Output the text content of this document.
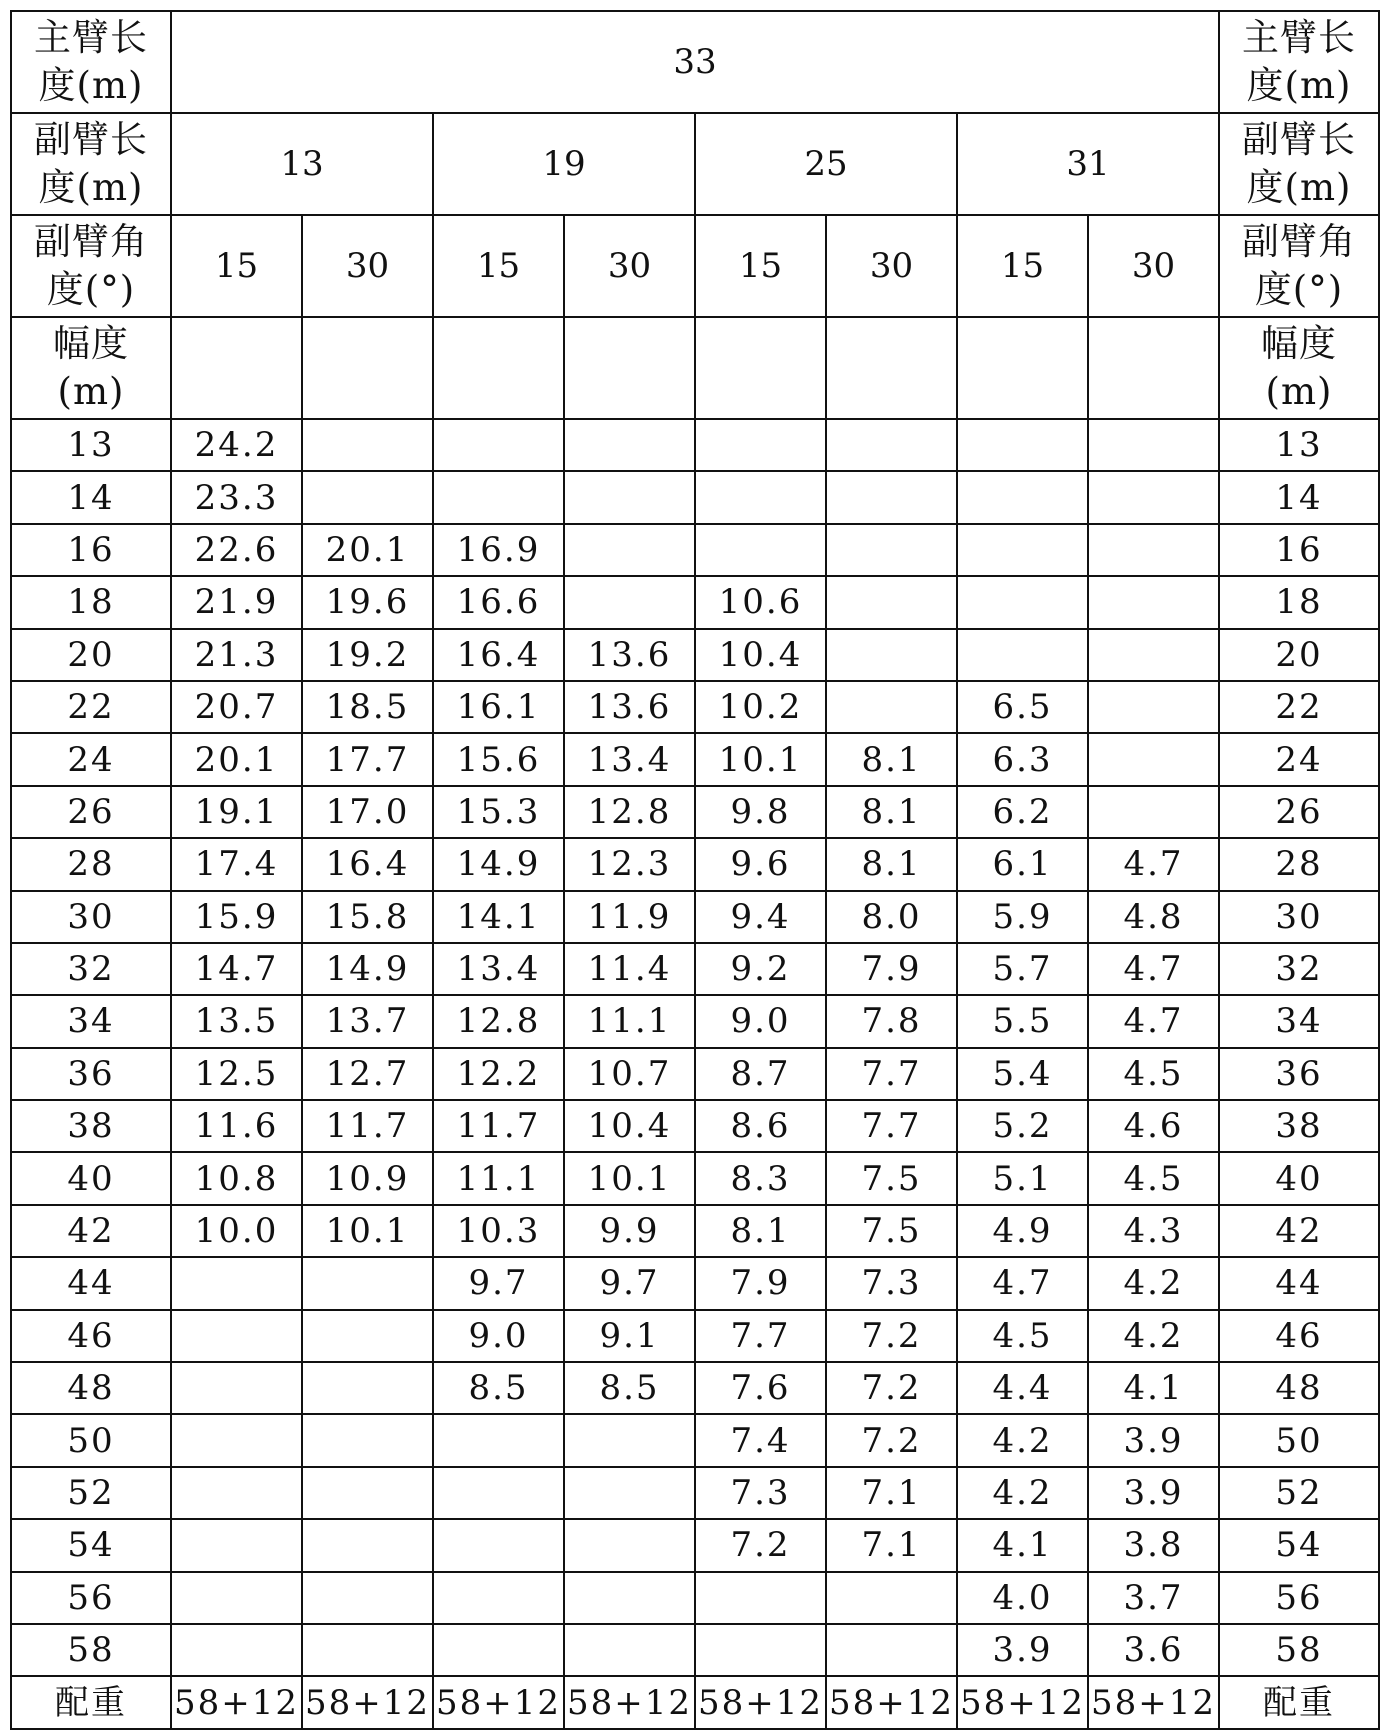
主臂长
度(m)	33								主臂长
度(m)

副臂长
度(m)	13		19		25		31		副臂长
度(m)

副臂角
度(°)	15	30	15	30	15	30	15	30	副臂角
度(°)

幅度
(m)									幅度
(m)

13	24.2								13
14	23.3								14
16	22.6	20.1	16.9						16
18	21.9	19.6	16.6		10.6				18
20	21.3	19.2	16.4	13.6	10.4				20
22	20.7	18.5	16.1	13.6	10.2		6.5		22
24	20.1	17.7	15.6	13.4	10.1	8.1	6.3		24
26	19.1	17.0	15.3	12.8	9.8	8.1	6.2		26
28	17.4	16.4	14.9	12.3	9.6	8.1	6.1	4.7	28
30	15.9	15.8	14.1	11.9	9.4	8.0	5.9	4.8	30
32	14.7	14.9	13.4	11.4	9.2	7.9	5.7	4.7	32
34	13.5	13.7	12.8	11.1	9.0	7.8	5.5	4.7	34
36	12.5	12.7	12.2	10.7	8.7	7.7	5.4	4.5	36
38	11.6	11.7	11.7	10.4	8.6	7.7	5.2	4.6	38
40	10.8	10.9	11.1	10.1	8.3	7.5	5.1	4.5	40
42	10.0	10.1	10.3	9.9	8.1	7.5	4.9	4.3	42
44			9.7	9.7	7.9	7.3	4.7	4.2	44
46			9.0	9.1	7.7	7.2	4.5	4.2	46
48			8.5	8.5	7.6	7.2	4.4	4.1	48
50					7.4	7.2	4.2	3.9	50
52					7.3	7.1	4.2	3.9	52
54					7.2	7.1	4.1	3.8	54
56							4.0	3.7	56
58							3.9	3.6	58
配重	58+12	58+12	58+12	58+12	58+12	58+12	58+12	58+12	配重
